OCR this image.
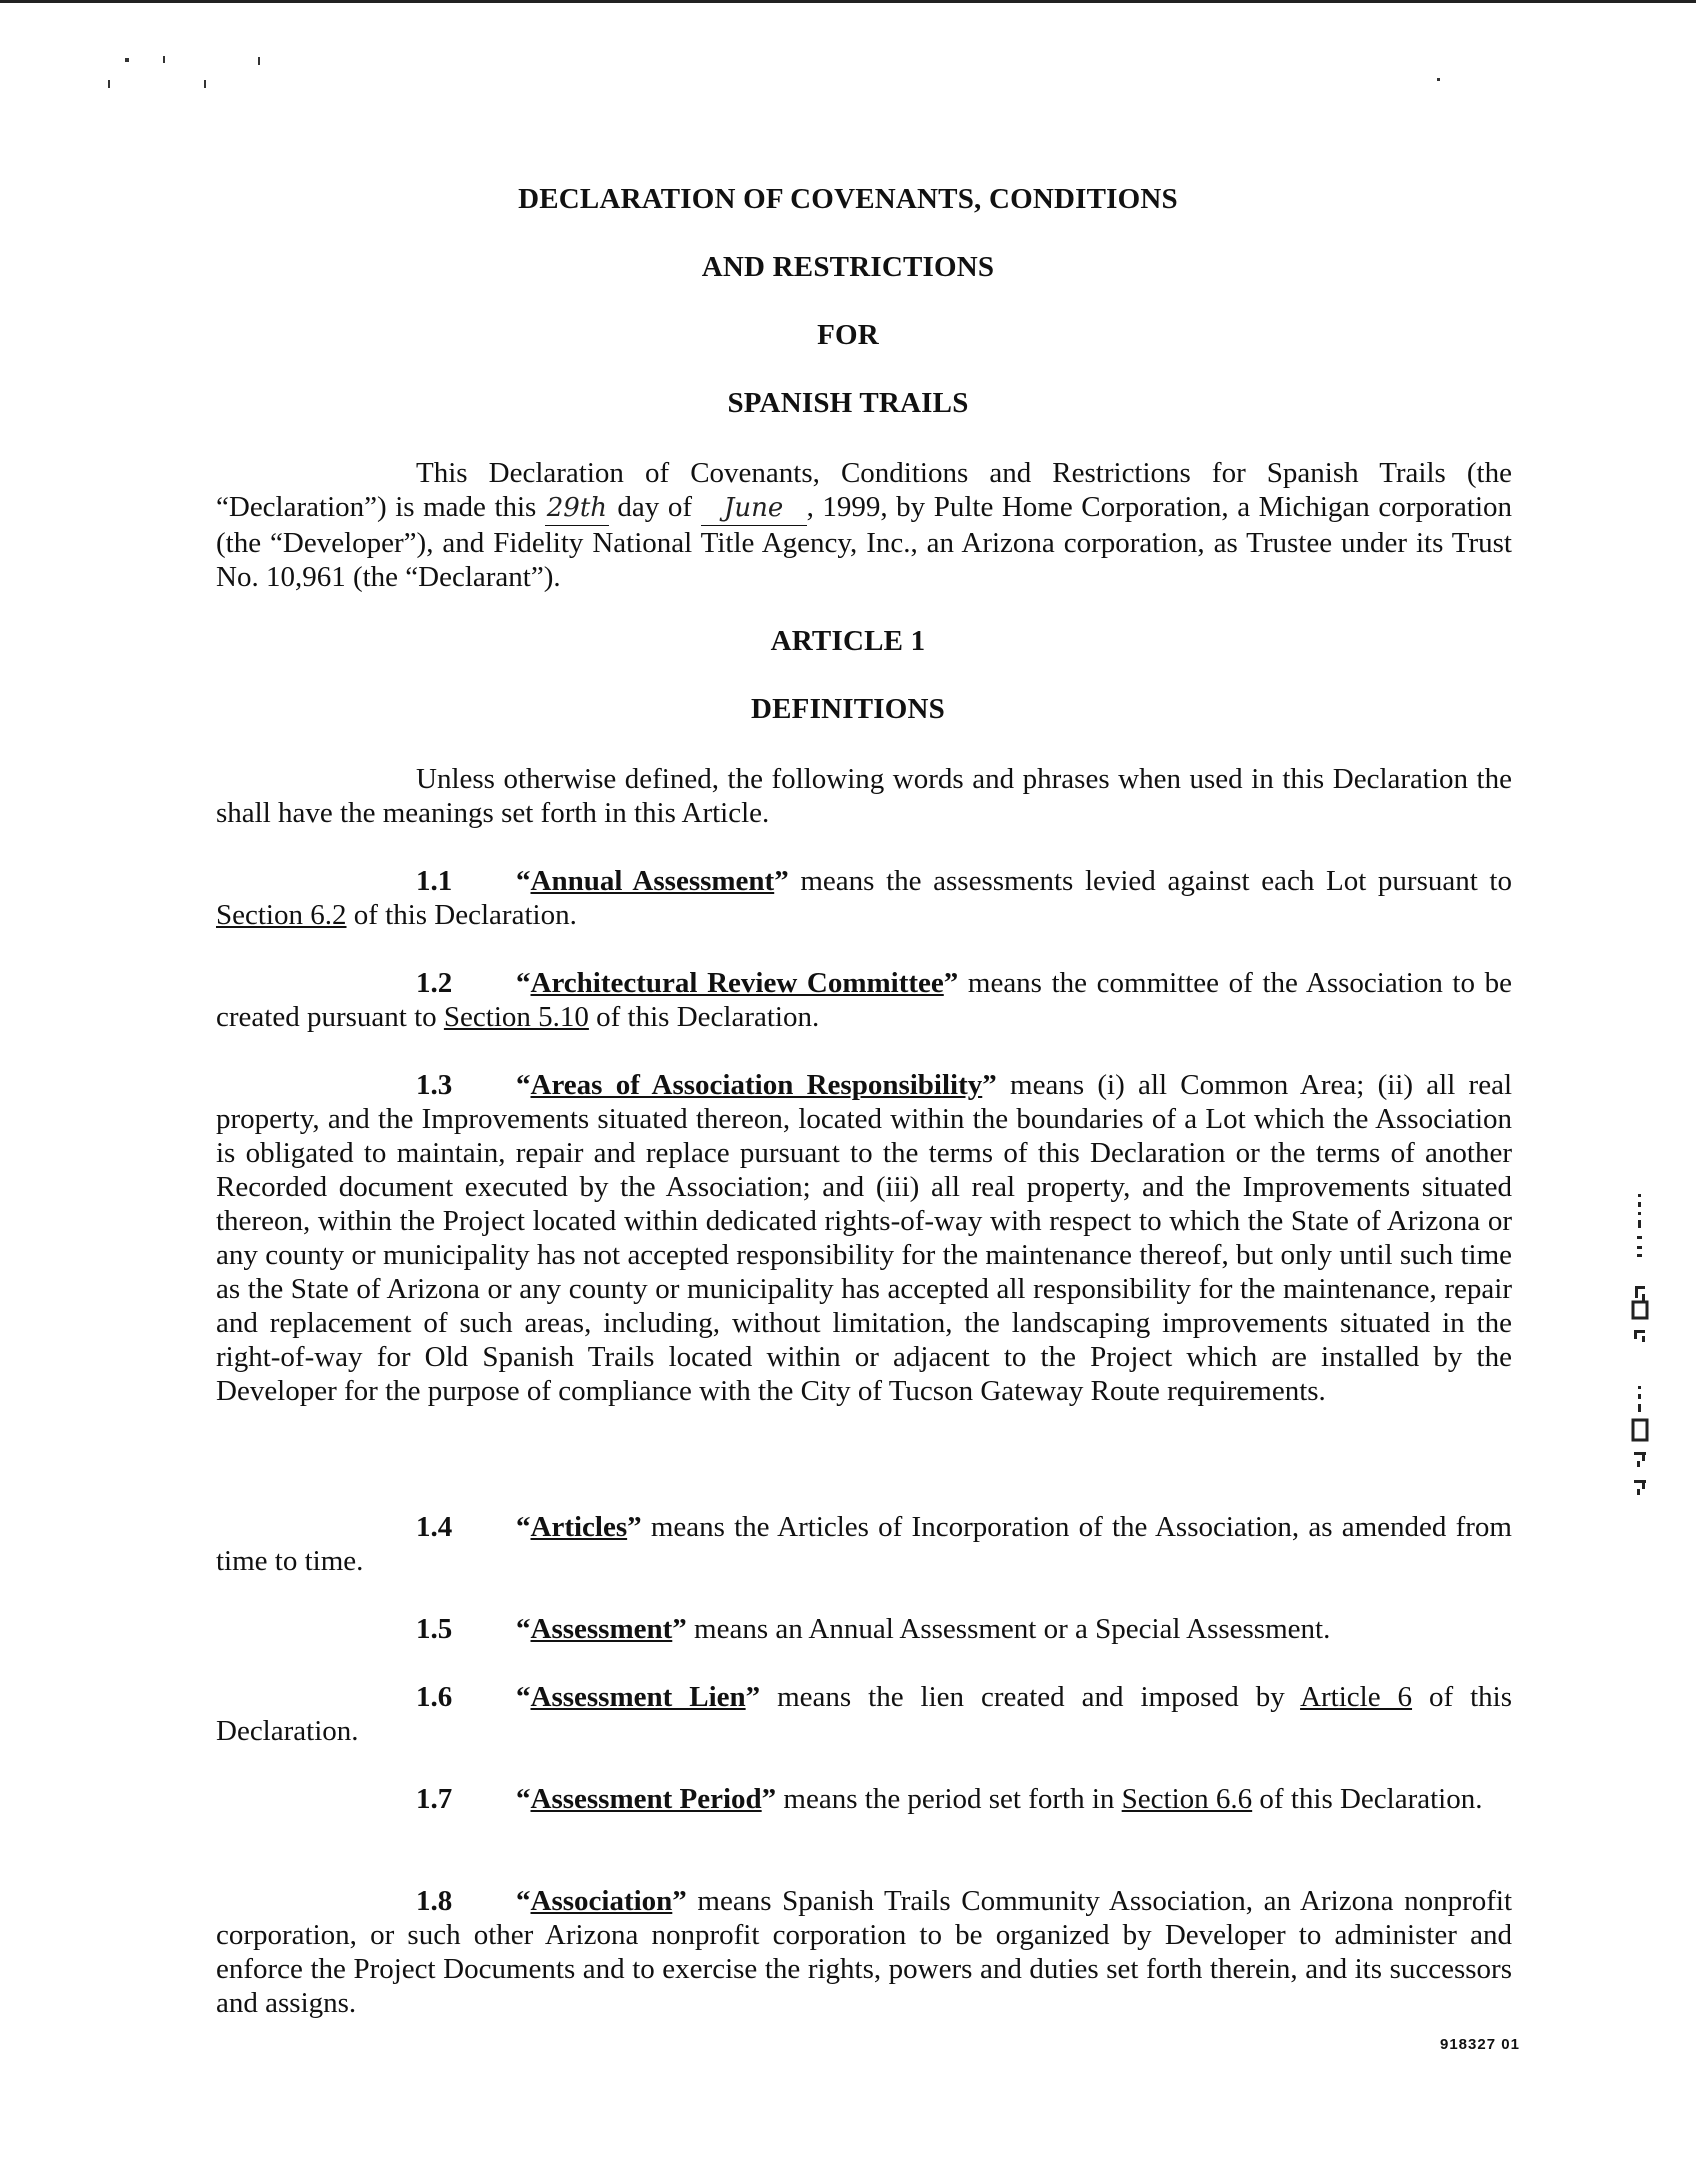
DECLARATION OF COVENANTS, CONDITIONS
AND RESTRICTIONS
FOR
SPANISH TRAILS
This Declaration of Covenants, Conditions and Restrictions for Spanish Trails (the “Declaration”) is made this 29th day of June , 1999, by Pulte Home Corporation, a Michigan corporation (the “Developer”), and Fidelity National Title Agency, Inc., an Arizona corporation, as Trustee under its Trust No. 10,961 (the “Declarant”).
ARTICLE 1
DEFINITIONS
Unless otherwise defined, the following words and phrases when used in this Declaration the shall have the meanings set forth in this Article.
1.1 “Annual Assessment” means the assessments levied against each Lot pursuant to Section 6.2 of this Declaration.
1.2 “Architectural Review Committee” means the committee of the Association to be created pursuant to Section 5.10 of this Declaration.
1.3 “Areas of Association Responsibility” means (i) all Common Area; (ii) all real property, and the Improvements situated thereon, located within the boundaries of a Lot which the Association is obligated to maintain, repair and replace pursuant to the terms of this Declaration or the terms of another Recorded document executed by the Association; and (iii) all real property, and the Improvements situated thereon, within the Project located within dedicated rights-of-way with respect to which the State of Arizona or any county or municipality has not accepted responsibility for the maintenance thereof, but only until such time as the State of Arizona or any county or municipality has accepted all responsibility for the maintenance, repair and replacement of such areas, including, without limitation, the landscaping improvements situated in the right-of-way for Old Spanish Trails located within or adjacent to the Project which are installed by the Developer for the purpose of compliance with the City of Tucson Gateway Route requirements.
1.4 “Articles” means the Articles of Incorporation of the Association, as amended from time to time.
1.5 “Assessment” means an Annual Assessment or a Special Assessment.
1.6 “Assessment Lien” means the lien created and imposed by Article 6 of this Declaration.
1.7 “Assessment Period” means the period set forth in Section 6.6 of this Declaration.
1.8 “Association” means Spanish Trails Community Association, an Arizona nonprofit corporation, or such other Arizona nonprofit corporation to be organized by Developer to administer and enforce the Project Documents and to exercise the rights, powers and duties set forth therein, and its successors and assigns.
918327 01
